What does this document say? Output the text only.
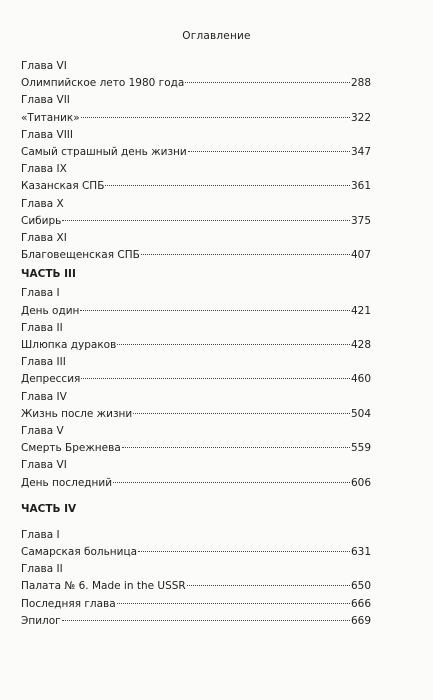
Оглавление
Глава VI
Олимпийское лето 1980 года	288
Глава VII
«Титаник»	322
Глава VIII
Самый страшный день жизни	347
Глава IX
Казанская СПБ	361
Глава X
Сибирь	375
Глава XI
Благовещенская СПБ	407
ЧАСТЬ III
Глава I
День один	421
Глава II
Шлюпка дураков	428
Глава III
Депрессия	460
Глава IV
Жизнь после жизни	504
Глава V
Смерть Брежнева	559
Глава VI
День последний	606
ЧАСТЬ IV
Глава I
Самарская больница	631
Глава II
Палата № 6. Made in the USSR	650
Последняя глава	666
Эпилог	669
